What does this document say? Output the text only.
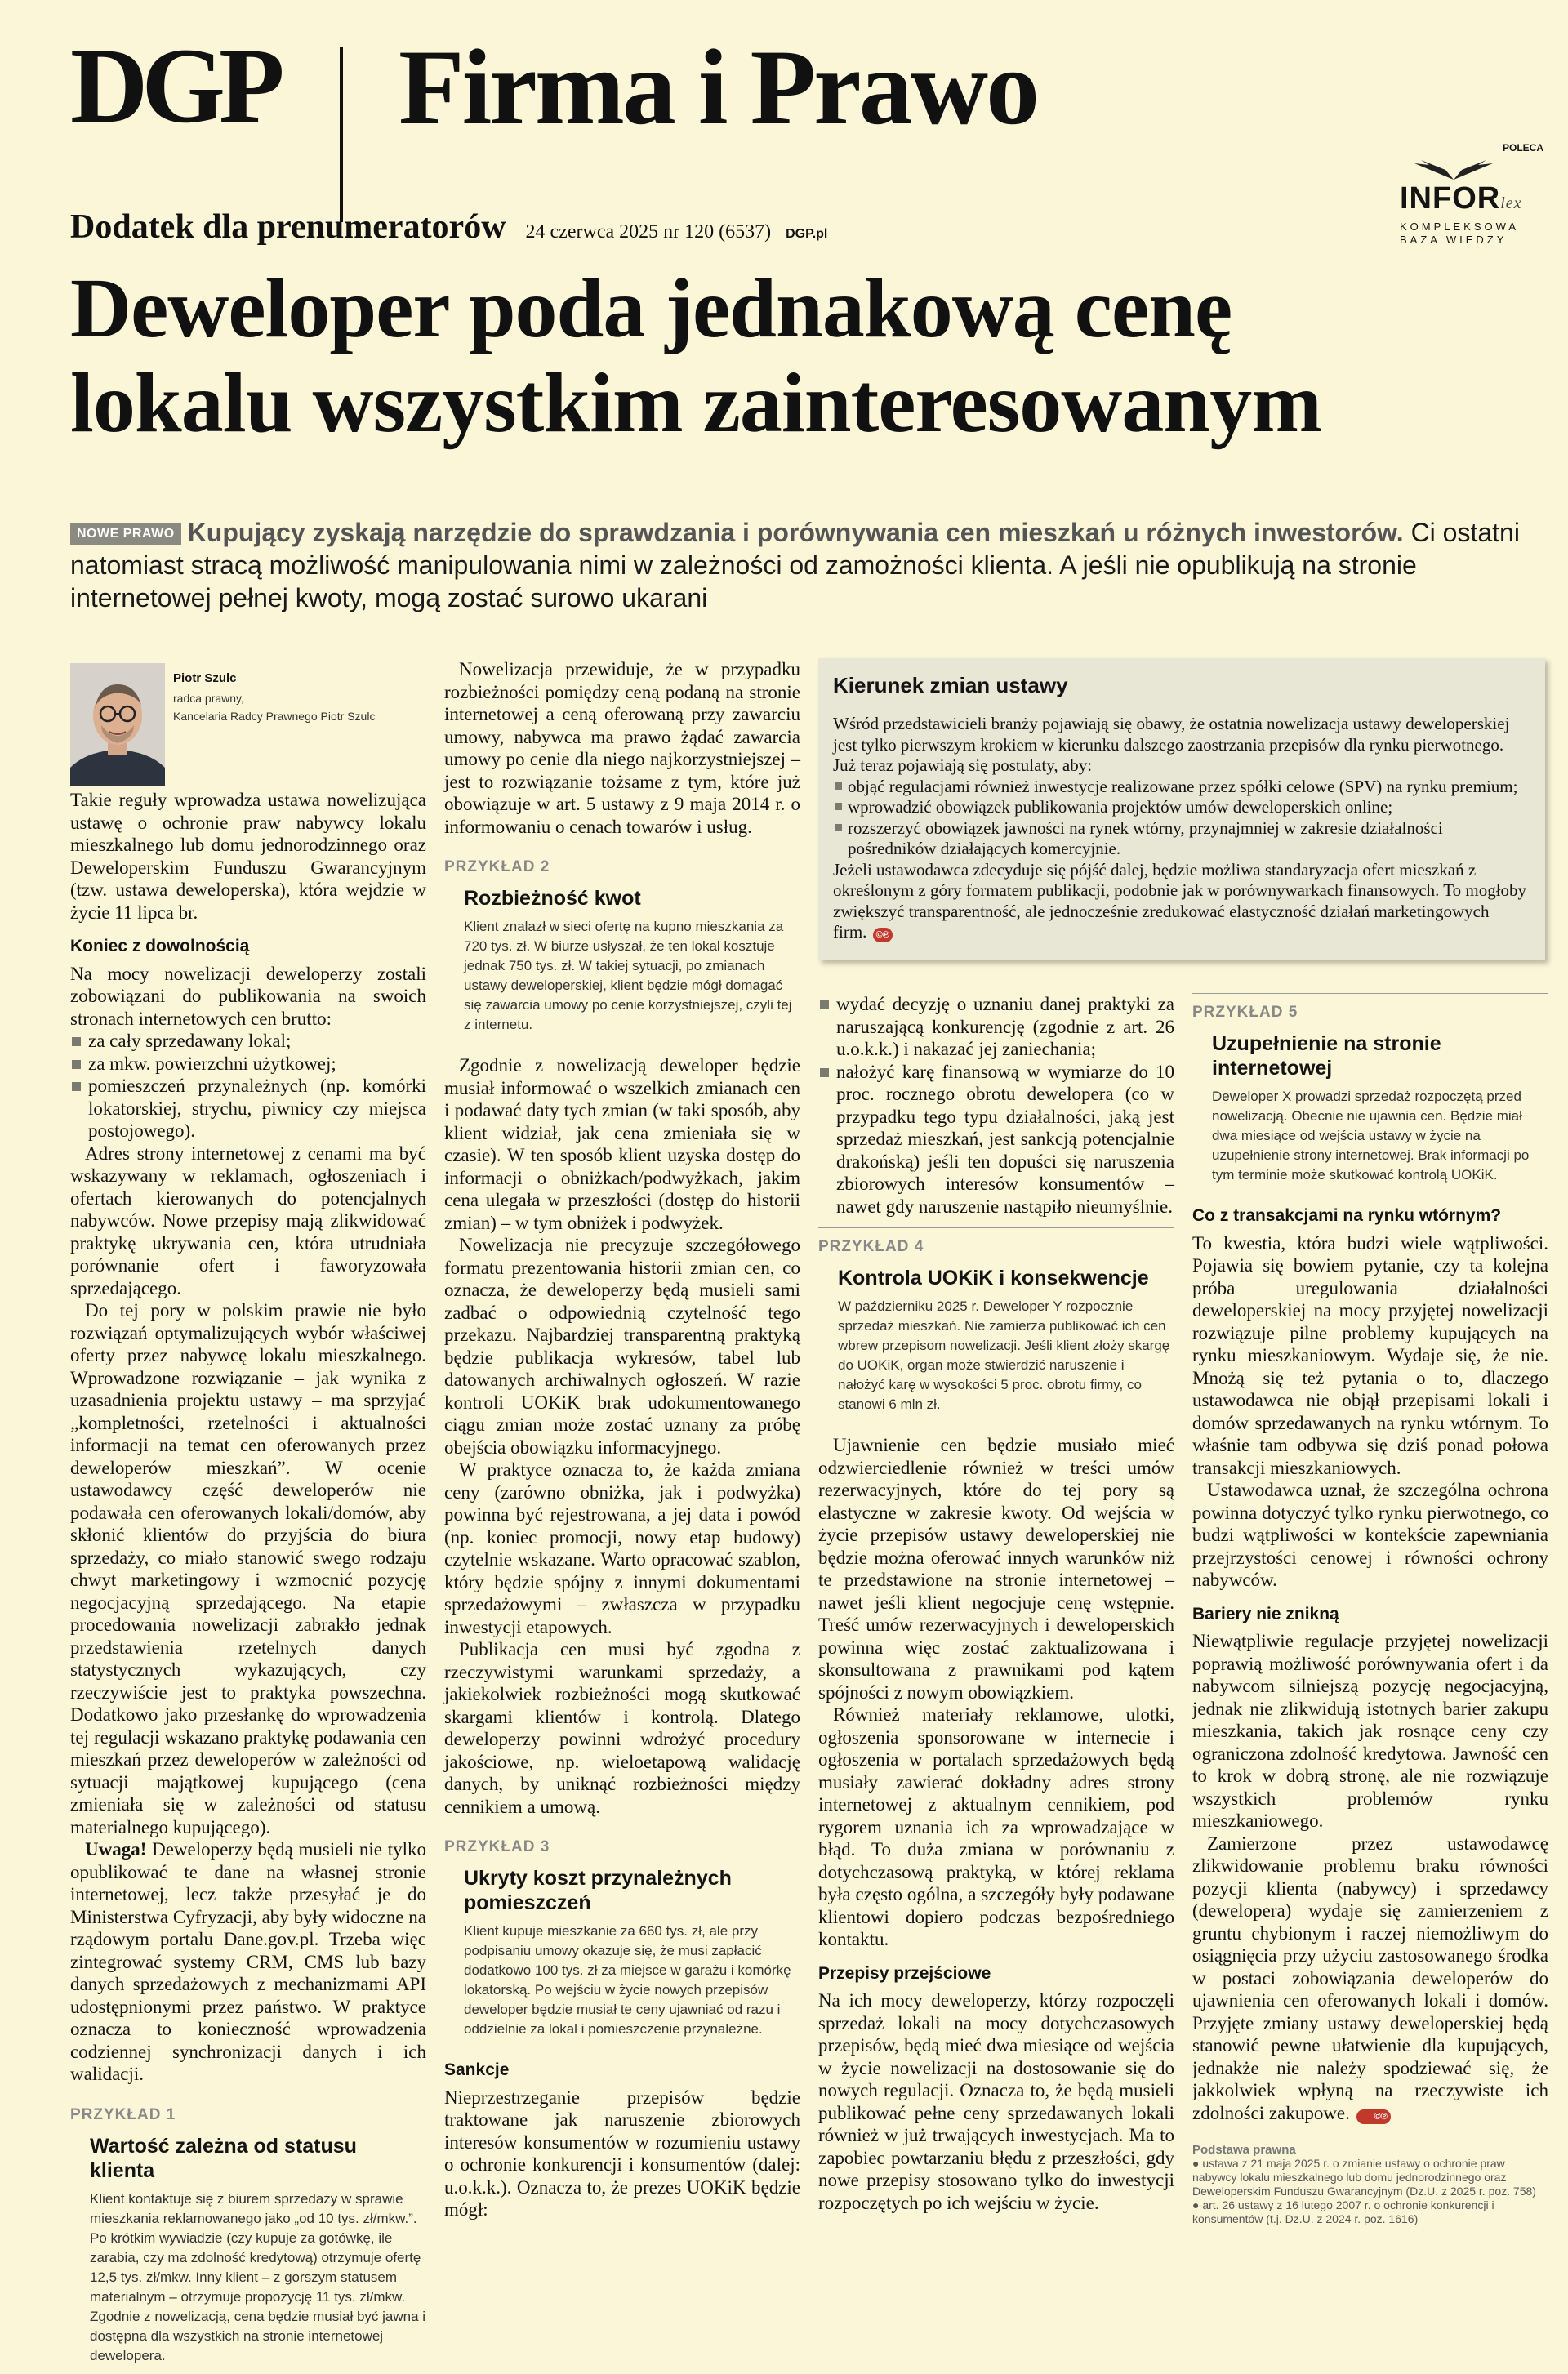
DGP Firma i Prawo
Dodatek dla prenumeratorów 24 czerwca 2025 nr 120 (6537) DGP.pl
POLECA
INFORlex
KOMPLEKSOWA
BAZA WIEDZY
Deweloper poda jednakową cenę
lokalu wszystkim zainteresowanym
NOWE PRAWO Kupujący zyskają narzędzie do sprawdzania i porównywania cen mieszkań u różnych inwestorów. Ci ostatni natomiast stracą możliwość manipulowania nimi w zależności od zamożności klienta. A jeśli nie opublikują na stronie internetowej pełnej kwoty, mogą zostać surowo ukarani
Piotr Szulc
radca prawny,
Kancelaria Radcy Prawnego Piotr Szulc

Takie reguły wprowadza ustawa nowelizująca ustawę o ochronie praw nabywcy lokalu mieszkalnego lub domu jednorodzinnego oraz Deweloperskim Funduszu Gwarancyjnym (tzw. ustawa deweloperska), która wejdzie w życie 11 lipca br.

Koniec z dowolnością

Na mocy nowelizacji deweloperzy zostali zobowiązani do publikowania na swoich stronach internetowych cen brutto:

za cały sprzedawany lokal;
za mkw. powierzchni użytkowej;
pomieszczeń przynależnych (np. komórki lokatorskiej, strychu, piwnicy czy miejsca postojowego).

Adres strony internetowej z cenami ma być wskazywany w reklamach, ogłoszeniach i ofertach kierowanych do potencjalnych nabywców. Nowe przepisy mają zlikwidować praktykę ukrywania cen, która utrudniała porównanie ofert i faworyzowała sprzedającego.

Do tej pory w polskim prawie nie było rozwiązań optymalizujących wybór właściwej oferty przez nabywcę lokalu mieszkalnego. Wprowadzone rozwiązanie – jak wynika z uzasadnienia projektu ustawy – ma sprzyjać „kompletności, rzetelności i aktualności informacji na temat cen oferowanych przez deweloperów mieszkań”. W ocenie ustawodawcy część deweloperów nie podawała cen oferowanych lokali/domów, aby skłonić klientów do przyjścia do biura sprzedaży, co miało stanowić swego rodzaju chwyt marketingowy i wzmocnić pozycję negocjacyjną sprzedającego. Na etapie procedowania nowelizacji zabrakło jednak przedstawienia rzetelnych danych statystycznych wykazujących, czy rzeczywiście jest to praktyka powszechna. Dodatkowo jako przesłankę do wprowadzenia tej regulacji wskazano praktykę podawania cen mieszkań przez deweloperów w zależności od sytuacji majątkowej kupującego (cena zmieniała się w zależności od statusu materialnego kupującego).

Uwaga! Deweloperzy będą musieli nie tylko opublikować te dane na własnej stronie internetowej, lecz także przesyłać je do Ministerstwa Cyfryzacji, aby były widoczne na rządowym portalu Dane.gov.pl. Trzeba więc zintegrować systemy CRM, CMS lub bazy danych sprzedażowych z mechanizmami API udostępnionymi przez państwo. W praktyce oznacza to konieczność wprowadzenia codziennej synchronizacji danych i ich walidacji.

PRZYKŁAD 1
Wartość zależna od statusu klienta
Klient kontaktuje się z biurem sprzedaży w sprawie mieszkania reklamowanego jako „od 10 tys. zł/mkw.”. Po krótkim wywiadzie (czy kupuje za gotówkę, ile zarabia, czy ma zdolność kredytową) otrzymuje ofertę 12,5 tys. zł/mkw. Inny klient – z gorszym statusem materialnym – otrzymuje propozycję 11 tys. zł/mkw. Zgodnie z nowelizacją, cena będzie musiał być jawna i dostępna dla wszystkich na stronie internetowej dewelopera.

Nowelizacja przewiduje, że w przypadku rozbieżności pomiędzy ceną podaną na stronie internetowej a ceną oferowaną przy zawarciu umowy, nabywca ma prawo żądać zawarcia umowy po cenie dla niego najkorzystniejszej – jest to rozwiązanie tożsame z tym, które już obowiązuje w art. 5 ustawy z 9 maja 2014 r. o informowaniu o cenach towarów i usług.

PRZYKŁAD 2
Rozbieżność kwot
Klient znalazł w sieci ofertę na kupno mieszkania za 720 tys. zł. W biurze usłyszał, że ten lokal kosztuje jednak 750 tys. zł. W takiej sytuacji, po zmianach ustawy deweloperskiej, klient będzie mógł domagać się zawarcia umowy po cenie korzystniejszej, czyli tej z internetu.

Zgodnie z nowelizacją deweloper będzie musiał informować o wszelkich zmianach cen i podawać daty tych zmian (w taki sposób, aby klient widział, jak cena zmieniała się w czasie). W ten sposób klient uzyska dostęp do informacji o obniżkach/podwyżkach, jakim cena ulegała w przeszłości (dostęp do historii zmian) – w tym obniżek i podwyżek.

Nowelizacja nie precyzuje szczegółowego formatu prezentowania historii zmian cen, co oznacza, że deweloperzy będą musieli sami zadbać o odpowiednią czytelność tego przekazu. Najbardziej transparentną praktyką będzie publikacja wykresów, tabel lub datowanych archiwalnych ogłoszeń. W razie kontroli UOKiK brak udokumentowanego ciągu zmian może zostać uznany za próbę obejścia obowiązku informacyjnego.

W praktyce oznacza to, że każda zmiana ceny (zarówno obniżka, jak i podwyżka) powinna być rejestrowana, a jej data i powód (np. koniec promocji, nowy etap budowy) czytelnie wskazane. Warto opracować szablon, który będzie spójny z innymi dokumentami sprzedażowymi – zwłaszcza w przypadku inwestycji etapowych.

Publikacja cen musi być zgodna z rzeczywistymi warunkami sprzedaży, a jakiekolwiek rozbieżności mogą skutkować skargami klientów i kontrolą. Dlatego deweloperzy powinni wdrożyć procedury jakościowe, np. wieloetapową walidację danych, by uniknąć rozbieżności między cennikiem a umową.

PRZYKŁAD 3
Ukryty koszt przynależnych pomieszczeń
Klient kupuje mieszkanie za 660 tys. zł, ale przy podpisaniu umowy okazuje się, że musi zapłacić dodatkowo 100 tys. zł za miejsce w garażu i komórkę lokatorską. Po wejściu w życie nowych przepisów deweloper będzie musiał te ceny ujawniać od razu i oddzielnie za lokal i pomieszczenie przynależne.
Sankcje

Nieprzestrzeganie przepisów będzie traktowane jak naruszenie zbiorowych interesów konsumentów w rozumieniu ustawy o ochronie konkurencji i konsumentów (dalej: u.o.k.k.). Oznacza to, że prezes UOKiK będzie mógł:

Kierunek zmian ustawy

Wśród przedstawicieli branży pojawiają się obawy, że ostatnia nowelizacja ustawy deweloperskiej jest tylko pierwszym krokiem w kierunku dalszego zaostrzania przepisów dla rynku pierwotnego. Już teraz pojawiają się postulaty, aby:

objąć regulacjami również inwestycje realizowane przez spółki celowe (SPV) na rynku premium;
wprowadzić obowiązek publikowania projektów umów deweloperskich online;
rozszerzyć obowiązek jawności na rynek wtórny, przynajmniej w zakresie działalności pośredników działających komercyjnie.

Jeżeli ustawodawca zdecyduje się pójść dalej, będzie możliwa standaryzacja ofert mieszkań z określonym z góry formatem publikacji, podobnie jak w porównywarkach finansowych. To mogłoby zwiększyć transparentność, ale jednocześnie zredukować elastyczność działań marketingowych firm. ©℗

wydać decyzję o uznaniu danej praktyki za naruszającą konkurencję (zgodnie z art. 26 u.o.k.k.) i nakazać jej zaniechania;
nałożyć karę finansową w wymiarze do 10 proc. rocznego obrotu dewelopera (co w przypadku tego typu działalności, jaką jest sprzedaż mieszkań, jest sankcją potencjalnie drakońską) jeśli ten dopuści się naruszenia zbiorowych interesów konsumentów – nawet gdy naruszenie nastąpiło nieumyślnie.
PRZYKŁAD 4
Kontrola UOKiK i konsekwencje
W październiku 2025 r. Deweloper Y rozpocznie sprzedaż mieszkań. Nie zamierza publikować ich cen wbrew przepisom nowelizacji. Jeśli klient złoży skargę do UOKiK, organ może stwierdzić naruszenie i nałożyć karę w wysokości 5 proc. obrotu firmy, co stanowi 6 mln zł.

Ujawnienie cen będzie musiało mieć odzwierciedlenie również w treści umów rezerwacyjnych, które do tej pory są elastyczne w zakresie kwoty. Od wejścia w życie przepisów ustawy deweloperskiej nie będzie można oferować innych warunków niż te przedstawione na stronie internetowej – nawet jeśli klient negocjuje cenę wstępnie. Treść umów rezerwacyjnych i deweloperskich powinna więc zostać zaktualizowana i skonsultowana z prawnikami pod kątem spójności z nowym obowiązkiem.

Również materiały reklamowe, ulotki, ogłoszenia sponsorowane w internecie i ogłoszenia w portalach sprzedażowych będą musiały zawierać dokładny adres strony internetowej z aktualnym cennikiem, pod rygorem uznania ich za wprowadzające w błąd. To duża zmiana w porównaniu z dotychczasową praktyką, w której reklama była często ogólna, a szczegóły były podawane klientowi dopiero podczas bezpośredniego kontaktu.

Przepisy przejściowe

Na ich mocy deweloperzy, którzy rozpoczęli sprzedaż lokali na mocy dotychczasowych przepisów, będą mieć dwa miesiące od wejścia w życie nowelizacji na dostosowanie się do nowych regulacji. Oznacza to, że będą musieli publikować pełne ceny sprzedawanych lokali również w już trwających inwestycjach. Ma to zapobiec powtarzaniu błędu z przeszłości, gdy nowe przepisy stosowano tylko do inwestycji rozpoczętych po ich wejściu w życie.

PRZYKŁAD 5
Uzupełnienie na stronie internetowej
Deweloper X prowadzi sprzedaż rozpoczętą przed nowelizacją. Obecnie nie ujawnia cen. Będzie miał dwa miesiące od wejścia ustawy w życie na uzupełnienie strony internetowej. Brak informacji po tym terminie może skutkować kontrolą UOKiK.
Co z transakcjami na rynku wtórnym?

To kwestia, która budzi wiele wątpliwości. Pojawia się bowiem pytanie, czy ta kolejna próba uregulowania działalności deweloperskiej na mocy przyjętej nowelizacji rozwiązuje pilne problemy kupujących na rynku mieszkaniowym. Wydaje się, że nie. Mnożą się też pytania o to, dlaczego ustawodawca nie objął przepisami lokali i domów sprzedawanych na rynku wtórnym. To właśnie tam odbywa się dziś ponad połowa transakcji mieszkaniowych.

Ustawodawca uznał, że szczególna ochrona powinna dotyczyć tylko rynku pierwotnego, co budzi wątpliwości w kontekście zapewniania przejrzystości cenowej i równości ochrony nabywców.

Bariery nie znikną

Niewątpliwie regulacje przyjętej nowelizacji poprawią możliwość porównywania ofert i da nabywcom silniejszą pozycję negocjacyjną, jednak nie zlikwidują istotnych barier zakupu mieszkania, takich jak rosnące ceny czy ograniczona zdolność kredytowa. Jawność cen to krok w dobrą stronę, ale nie rozwiązuje wszystkich problemów rynku mieszkaniowego.

Zamierzone przez ustawodawcę zlikwidowanie problemu braku równości pozycji klienta (nabywcy) i sprzedawcy (dewelopera) wydaje się zamierzeniem z gruntu chybionym i raczej niemożliwym do osiągnięcia przy użyciu zastosowanego środka w postaci zobowiązania deweloperów do ujawnienia cen oferowanych lokali i domów. Przyjęte zmiany ustawy deweloperskiej będą stanowić pewne ułatwienie dla kupujących, jednakże nie należy spodziewać się, że jakkolwiek wpłyną na rzeczywiste ich zdolności zakupowe.	©℗

Podstawa prawna
● ustawa z 21 maja 2025 r. o zmianie ustawy o ochronie praw nabywcy lokalu mieszkalnego lub domu jednorodzinnego oraz Deweloperskim Funduszu Gwarancyjnym (Dz.U. z 2025 r. poz. 758)
● art. 26 ustawy z 16 lutego 2007 r. o ochronie konkurencji i konsumentów (t.j. Dz.U. z 2024 r. poz. 1616)
